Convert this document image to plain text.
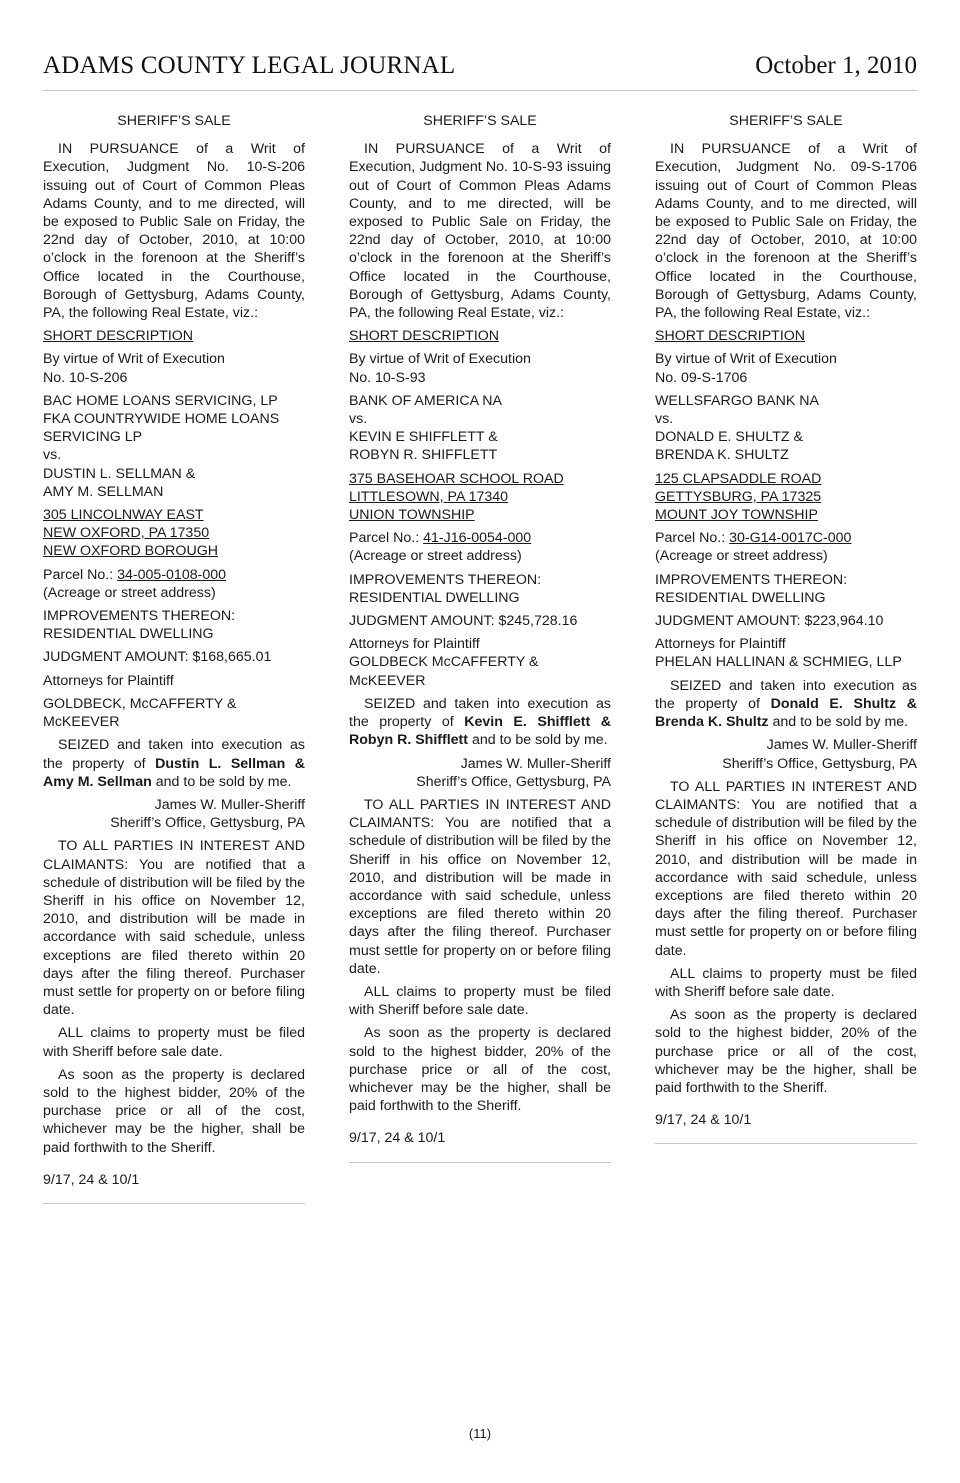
ADAMS COUNTY LEGAL JOURNAL	October 1, 2010

SHERIFF’S SALE

IN PURSUANCE of a Writ of Execution, Judgment No. 10-S-206 issuing out of Court of Common Pleas Adams County, and to me directed, will be exposed to Public Sale on Friday, the 22nd day of October, 2010, at 10:00 o’clock in the forenoon at the Sheriff’s Office located in the Courthouse, Borough of Gettysburg, Adams County, PA, the following Real Estate, viz.:

SHORT DESCRIPTION

By virtue of Writ of Execution
No. 10-S-206

BAC HOME LOANS SERVICING, LP
FKA COUNTRYWIDE HOME LOANS
SERVICING LP
vs.
DUSTIN L. SELLMAN &
AMY M. SELLMAN

305 LINCOLNWAY EAST
NEW OXFORD, PA 17350
NEW OXFORD BOROUGH

Parcel No.: 34-005-0108-000
(Acreage or street address)

IMPROVEMENTS THEREON:
RESIDENTIAL DWELLING

JUDGMENT AMOUNT: $168,665.01

Attorneys for Plaintiff

GOLDBECK, McCAFFERTY &
McKEEVER

SEIZED and taken into execution as the property of Dustin L. Sellman & Amy M. Sellman and to be sold by me.

James W. Muller-Sheriff

Sheriff’s Office, Gettysburg, PA

TO ALL PARTIES IN INTEREST AND CLAIMANTS: You are notified that a schedule of distribution will be filed by the Sheriff in his office on November 12, 2010, and distribution will be made in accordance with said schedule, unless exceptions are filed thereto within 20 days after the filing thereof. Purchaser must settle for property on or before filing date.

ALL claims to property must be filed with Sheriff before sale date.

As soon as the property is declared sold to the highest bidder, 20% of the purchase price or all of the cost, whichever may be the higher, shall be paid forthwith to the Sheriff.

9/17, 24 & 10/1

SHERIFF’S SALE

IN PURSUANCE of a Writ of Execution, Judgment No. 10-S-93 issuing out of Court of Common Pleas Adams County, and to me directed, will be exposed to Public Sale on Friday, the 22nd day of October, 2010, at 10:00 o’clock in the forenoon at the Sheriff’s Office located in the Courthouse, Borough of Gettysburg, Adams County, PA, the following Real Estate, viz.:

SHORT DESCRIPTION

By virtue of Writ of Execution
No. 10-S-93

BANK OF AMERICA NA
vs.
KEVIN E SHIFFLETT &
ROBYN R. SHIFFLETT

375 BASEHOAR SCHOOL ROAD
LITTLESOWN, PA 17340
UNION TOWNSHIP

Parcel No.: 41-J16-0054-000
(Acreage or street address)

IMPROVEMENTS THEREON:
RESIDENTIAL DWELLING

JUDGMENT AMOUNT: $245,728.16

Attorneys for Plaintiff
GOLDBECK McCAFFERTY &
McKEEVER

SEIZED and taken into execution as the property of Kevin E. Shifflett & Robyn R. Shifflett and to be sold by me.

James W. Muller-Sheriff

Sheriff’s Office, Gettysburg, PA

TO ALL PARTIES IN INTEREST AND CLAIMANTS: You are notified that a schedule of distribution will be filed by the Sheriff in his office on November 12, 2010, and distribution will be made in accordance with said schedule, unless exceptions are filed thereto within 20 days after the filing thereof. Purchaser must settle for property on or before filing date.

ALL claims to property must be filed with Sheriff before sale date.

As soon as the property is declared sold to the highest bidder, 20% of the purchase price or all of the cost, whichever may be the higher, shall be paid forthwith to the Sheriff.

9/17, 24 & 10/1

SHERIFF’S SALE

IN PURSUANCE of a Writ of Execution, Judgment No. 09-S-1706 issuing out of Court of Common Pleas Adams County, and to me directed, will be exposed to Public Sale on Friday, the 22nd day of October, 2010, at 10:00 o’clock in the forenoon at the Sheriff’s Office located in the Courthouse, Borough of Gettysburg, Adams County, PA, the following Real Estate, viz.:

SHORT DESCRIPTION

By virtue of Writ of Execution
No. 09-S-1706

WELLSFARGO BANK NA
vs.
DONALD E. SHULTZ &
BRENDA K. SHULTZ

125 CLAPSADDLE ROAD
GETTYSBURG, PA 17325
MOUNT JOY TOWNSHIP

Parcel No.: 30-G14-0017C-000
(Acreage or street address)

IMPROVEMENTS THEREON:
RESIDENTIAL DWELLING

JUDGMENT AMOUNT: $223,964.10

Attorneys for Plaintiff
PHELAN HALLINAN & SCHMIEG, LLP

SEIZED and taken into execution as the property of Donald E. Shultz & Brenda K. Shultz and to be sold by me.

James W. Muller-Sheriff

Sheriff’s Office, Gettysburg, PA

TO ALL PARTIES IN INTEREST AND CLAIMANTS: You are notified that a schedule of distribution will be filed by the Sheriff in his office on November 12, 2010, and distribution will be made in accordance with said schedule, unless exceptions are filed thereto within 20 days after the filing thereof. Purchaser must settle for property on or before filing date.

ALL claims to property must be filed with Sheriff before sale date.

As soon as the property is declared sold to the highest bidder, 20% of the purchase price or all of the cost, whichever may be the higher, shall be paid forthwith to the Sheriff.

9/17, 24 & 10/1

(11)
